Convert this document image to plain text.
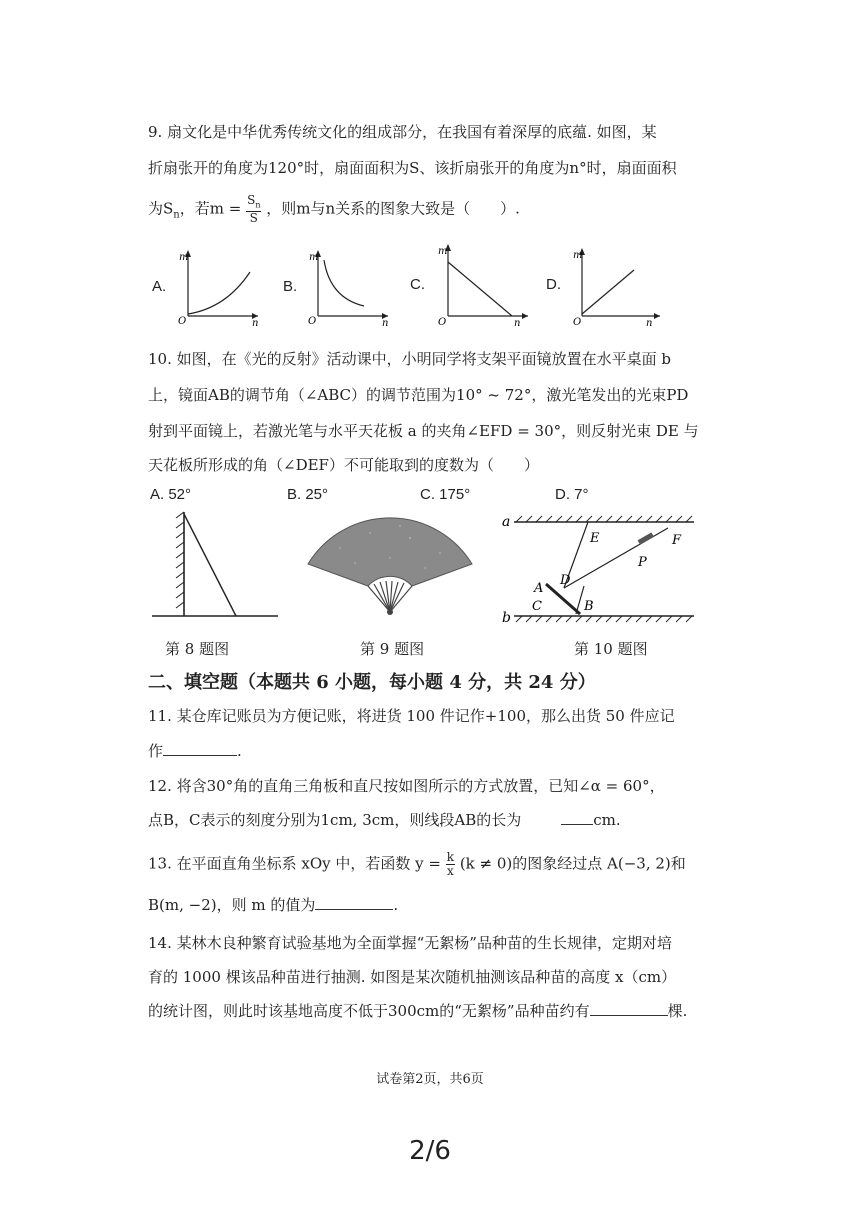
9. 扇文化是中华优秀传统文化的组成部分，在我国有着深厚的底蕴. 如图，某
折扇张开的角度为120°时，扇面面积为S、该折扇张开的角度为n°时，扇面面积
为$S_n$，若$m = \frac{S_n}{S}$ ，则m与n关系的图象大致是（　　）.
A.
m
O	n
B.
m
O	n
C.
m
O	n
D.
m
O	n
10. 如图，在《光的反射》活动课中，小明同学将支架平面镜放置在水平桌面 b
上，镜面AB的调节角（∠ABC）的调节范围为10° ~ 72°，激光笔发出的光束PD
射到平面镜上，若激光笔与水平天花板 a 的夹角∠EFD = 30°，则反射光束 DE 与
天花板所形成的角（∠DEF）不可能取到的度数为（　　）
A. 52°	B. 25°	C. 175°	D. 7°
a
b
E	F
P
D
A
C	B
第 8 题图	第 9 题图	第 10 题图
二、填空题（本题共 6 小题，每小题 4 分，共 24 分）
11. 某仓库记账员为方便记账，将进货 100 件记作+100，那么出货 50 件应记
作	.
12. 将含30°角的直角三角板和直尺按如图所示的方式放置，已知∠α = 60°，
点B，C表示的刻度分别为1cm, 3cm，则线段AB的长为	cm.
13. 在平面直角坐标系 xOy 中，若函数 $y = \frac{k}{x} (k \ne 0)$的图象经过点 A(−3, 2)和
B(m, −2)，则 m 的值为	.
14. 某林木良种繁育试验基地为全面掌握“无絮杨”品种苗的生长规律，定期对培
育的 1000 棵该品种苗进行抽测. 如图是某次随机抽测该品种苗的高度 x（cm）
的统计图，则此时该基地高度不低于300cm的“无絮杨”品种苗约有	棵.
试卷第2页，共6页
2/6
